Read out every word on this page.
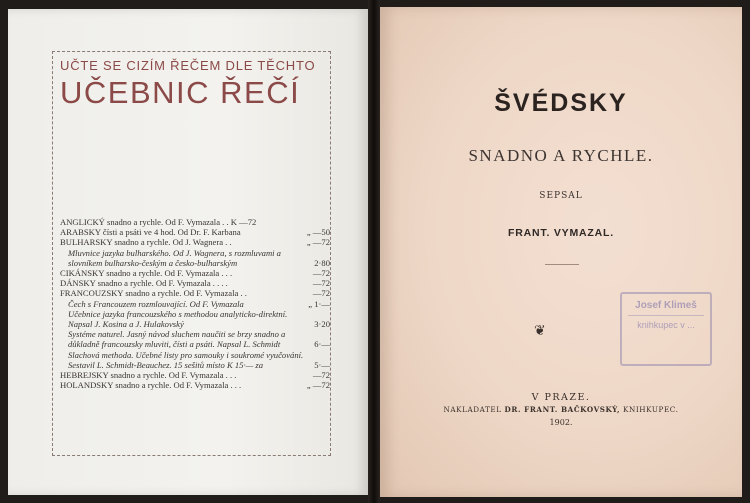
UČTE SE CIZÍM ŘEČEM DLE TĚCHTO
UČEBNIC ŘEČÍ
ANGLICKÝ snadno a rychle. Od F. Vymazala . . K —72
ARABSKY čísti a psáti ve 4 hod. Od Dr. F. Karbana	„ —50
BULHARSKY snadno a rychle. Od J. Wagnera . .	„ —72
Mluvnice jazyka bulharského. Od J. Wagnera, s rozmluvami a slovníkem bulharsko-českým a česko-bulharským	2·80
CIKÁNSKY snadno a rychle. Od F. Vymazala . . .	—72
DÁNSKY snadno a rychle. Od F. Vymazala . . . .	—72
FRANCOUZSKY snadno a rychle. Od F. Vymazala . .	—72
Čech s Francouzem rozmlouvající. Od F. Vymazala	„ 1·—
Učebnice jazyka francouzského s methodou analyticko-direktní. Napsal J. Kosina a J. Hulakovský	3·20
Systéme naturel. Jasný návod sluchem naučiti se brzy snadno a důkladně francouzsky mluviti, čísti a psáti. Napsal L. Schmidt	6·—
Slachová methoda. Učebné listy pro samouky i soukromé vyučování. Sestavil L. Schmidt-Beauchez. 15 sešitů místo K 15·— za	5·—
HEBREJSKY snadno a rychle. Od F. Vymazala . . .	—72
HOLANDSKY snadno a rychle. Od F. Vymazala . . .	„ —72
ŠVÉDSKY
SNADNO A RYCHLE.
SEPSAL
FRANT. VYMAZAL.
❦
Josef Klimeš
knihkupec v ...
V PRAZE.
NAKLADATEL DR. FRANT. BAČKOVSKÝ, KNIHKUPEC.
1902.
